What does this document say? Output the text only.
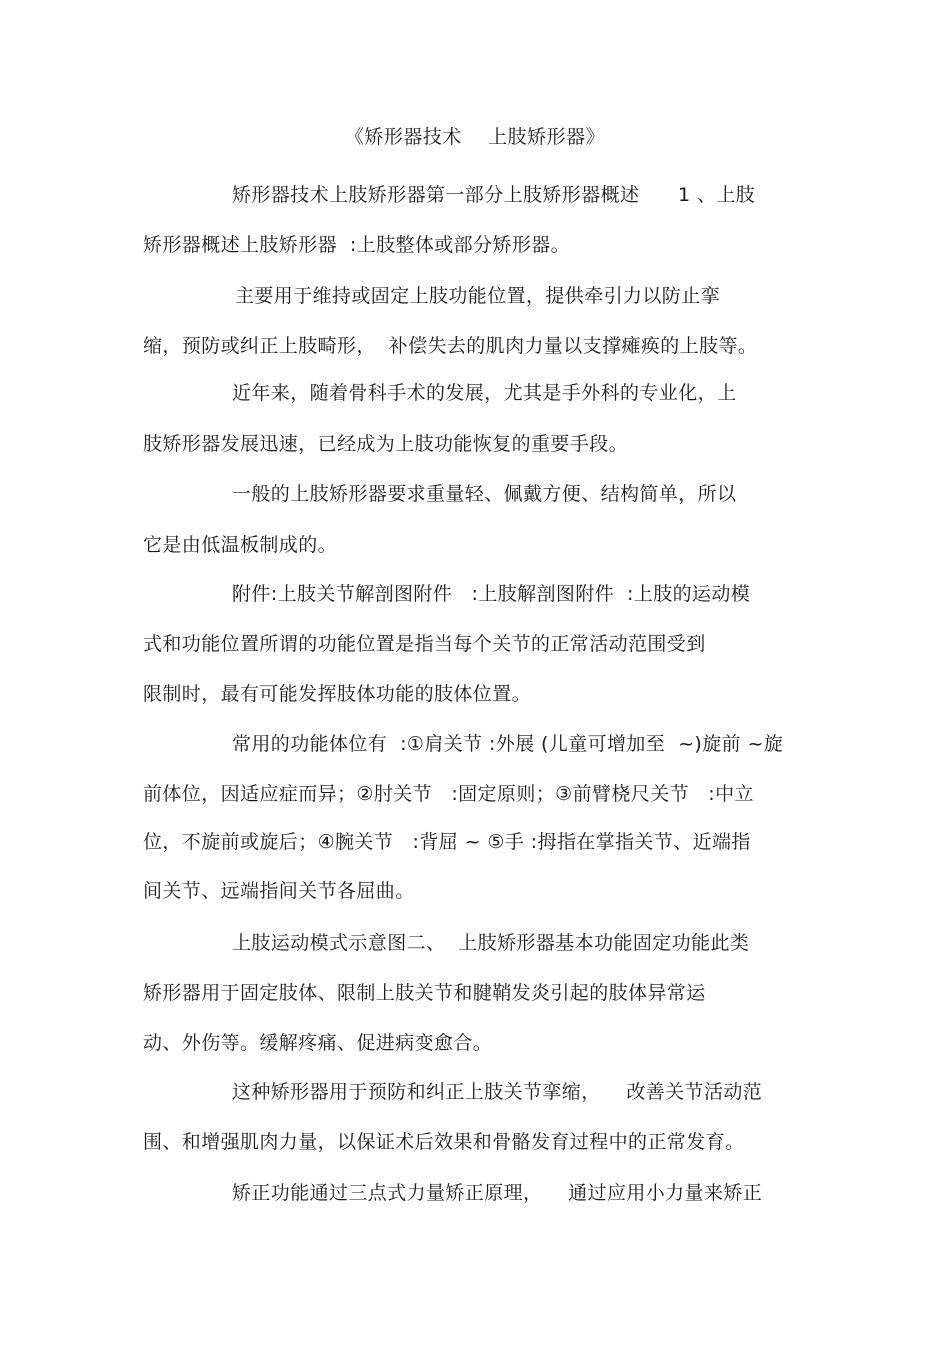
《矫形器技术    上肢矫形器》
矫形器技术上肢矫形器第一部分上肢矫形器概述      1 、上肢
矫形器概述上肢矫形器  :上肢整体或部分矫形器。
主要用于维持或固定上肢功能位置，提供牵引力以防止挛
缩，预防或纠正上肢畸形，  补偿失去的肌肉力量以支撑瘫痪的上肢等。
近年来，随着骨科手术的发展，尤其是手外科的专业化，上
肢矫形器发展迅速，已经成为上肢功能恢复的重要手段。
一般的上肢矫形器要求重量轻、佩戴方便、结构简单，所以
它是由低温板制成的。
附件:上肢关节解剖图附件   :上肢解剖图附件  :上肢的运动模
式和功能位置所谓的功能位置是指当每个关节的正常活动范围受到
限制时，最有可能发挥肢体功能的肢体位置。
常用的功能体位有  :①肩关节 :外展 (儿童可增加至  ~)旋前 ~旋
前体位，因适应症而异；②肘关节   :固定原则；③前臂桡尺关节   :中立
位，不旋前或旋后；④腕关节   :背屈 ~ ⑤手 :拇指在掌指关节、近端指
间关节、远端指间关节各屈曲。
上肢运动模式示意图二、  上肢矫形器基本功能固定功能此类
矫形器用于固定肢体、限制上肢关节和腱鞘发炎引起的肢体异常运
动、外伤等。缓解疼痛、促进病变愈合。
这种矫形器用于预防和纠正上肢关节挛缩，    改善关节活动范
围、和增强肌肉力量，以保证术后效果和骨骼发育过程中的正常发育。
矫正功能通过三点式力量矫正原理，    通过应用小力量来矫正
